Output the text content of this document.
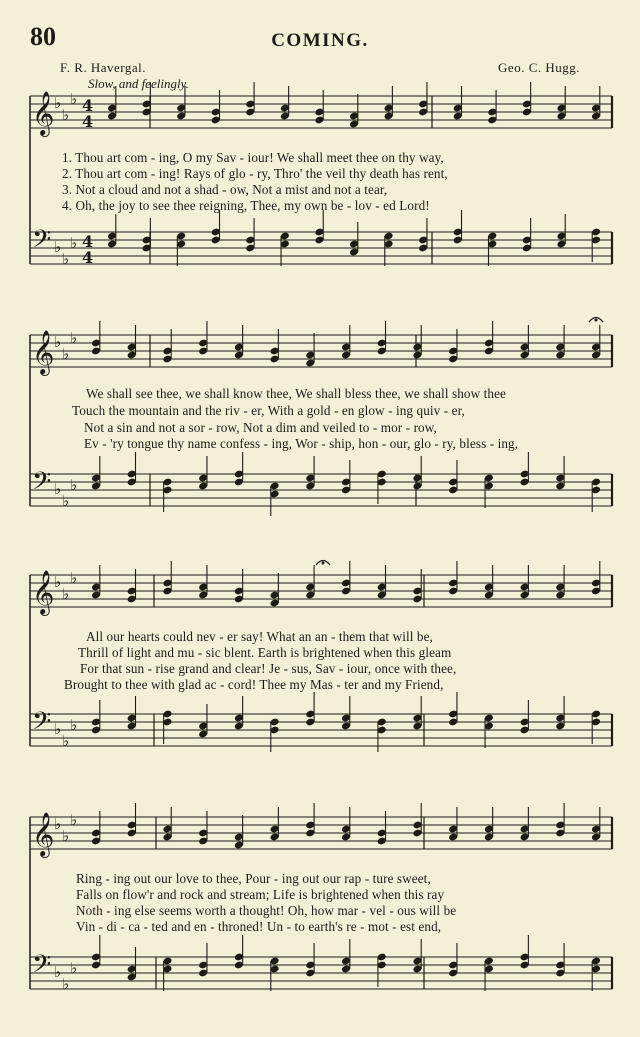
80	COMING.
F. R. Havergal.	Geo. C. Hugg.
Slow, and feelingly.
𝄞
𝄢
♭
♭
♭
♭
♭
♭
4
4
4
4
𝄞
𝄢
♭
♭
♭
♭
♭
♭
𝄞
𝄢
♭
♭
♭
♭
♭
♭
𝄞
𝄢
♭
♭
♭
♭
♭
♭
1. Thou art com - ing, O my Sav - iour! We shall meet thee on thy way,
2. Thou art com - ing! Rays of glo - ry, Thro' the veil thy death has rent,
3. Not a cloud and not a shad - ow, Not a mist and not a tear,
4. Oh, the joy to see thee reigning, Thee, my own be - lov - ed Lord!
We shall see thee, we shall know thee, We shall bless thee, we shall show thee
Touch the mountain and the riv - er, With a gold - en glow - ing quiv - er,
Not a sin and not a sor - row, Not a dim and veiled to - mor - row,
Ev - 'ry tongue thy name confess - ing, Wor - ship, hon - our, glo - ry, bless - ing,
All our hearts could nev - er say! What an an - them that will be,
Thrill of light and mu - sic blent. Earth is brightened when this gleam
For that sun - rise grand and clear! Je - sus, Sav - iour, once with thee,
Brought to thee with glad ac - cord! Thee my Mas - ter and my Friend,
Ring - ing out our love to thee, Pour - ing out our rap - ture sweet,
Falls on flow'r and rock and stream; Life is brightened when this ray
Noth - ing else seems worth a thought! Oh, how mar - vel - ous will be
Vin - di - ca - ted and en - throned! Un - to earth's re - mot - est end,
